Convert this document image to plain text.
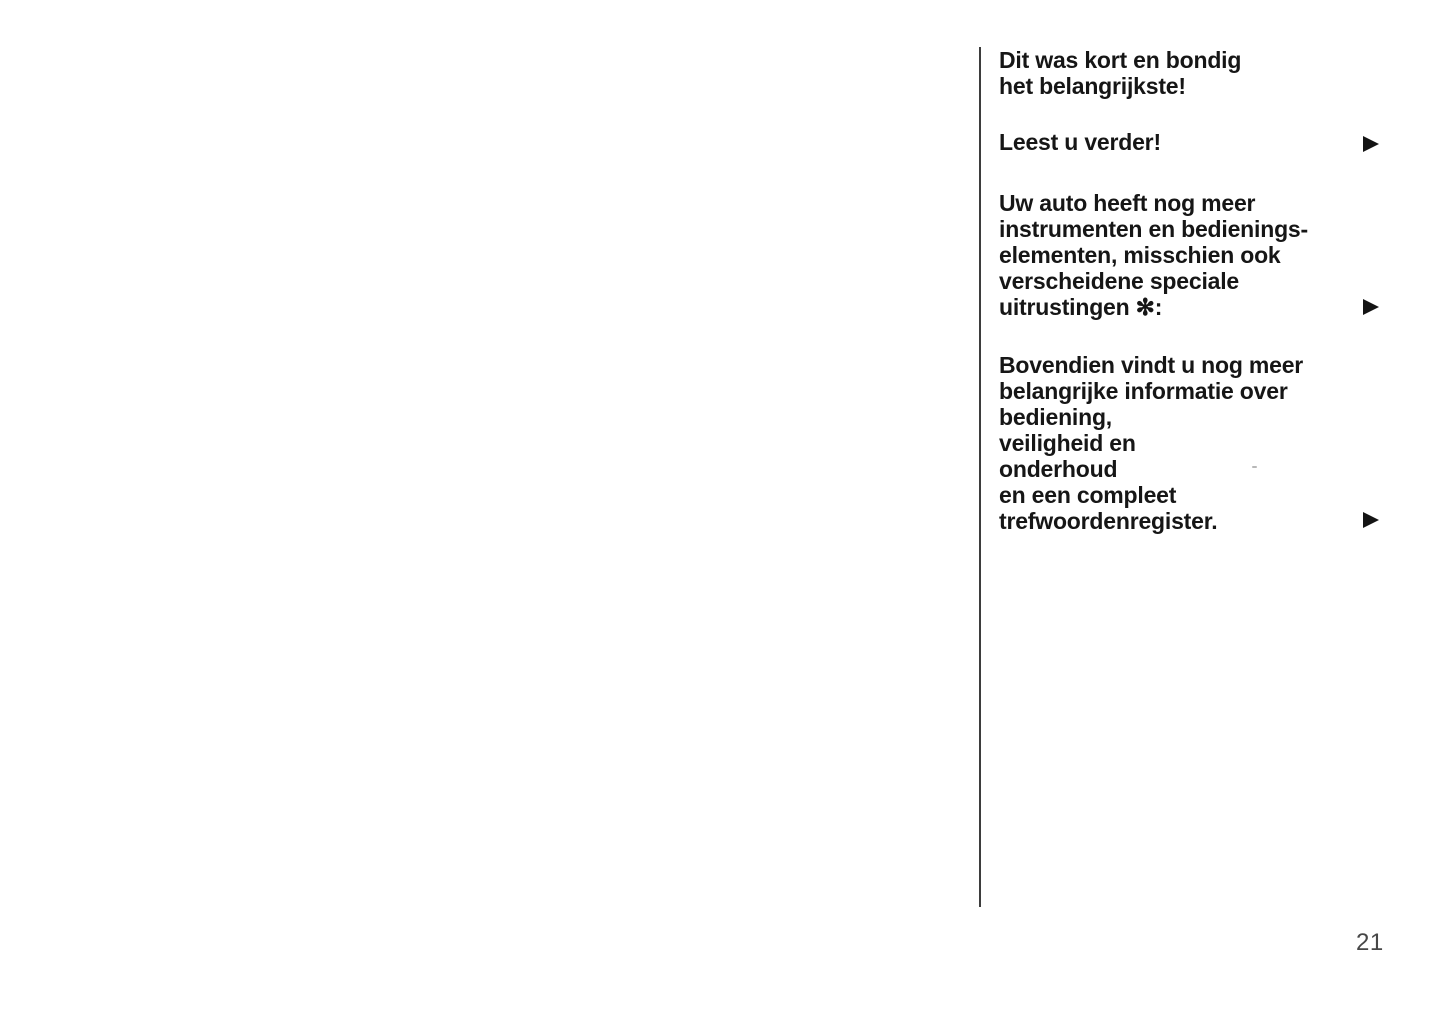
Dit was kort en bondig
het belangrijkste!
Leest u verder!
Uw auto heeft nog meer
instrumenten en bedienings-
elementen, misschien ook
verscheidene speciale
uitrustingen ✻:
Bovendien vindt u nog meer
belangrijke informatie over
bediening,
veiligheid en
onderhoud
en een compleet
trefwoordenregister.
21
